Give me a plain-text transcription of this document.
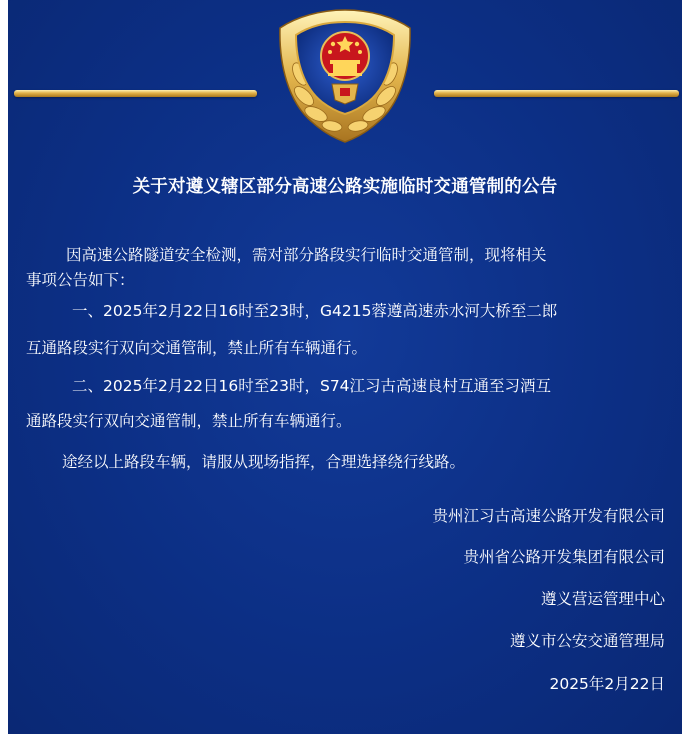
关于对遵义辖区部分高速公路实施临时交通管制的公告
因高速公路隧道安全检测，需对部分路段实行临时交通管制，现将相关
事项公告如下：
一、2025年2月22日16时至23时，G4215蓉遵高速赤水河大桥至二郎
互通路段实行双向交通管制，禁止所有车辆通行。
二、2025年2月22日16时至23时，S74江习古高速良村互通至习酒互
通路段实行双向交通管制，禁止所有车辆通行。
途经以上路段车辆，请服从现场指挥，合理选择绕行线路。
贵州江习古高速公路开发有限公司
贵州省公路开发集团有限公司
遵义营运管理中心
遵义市公安交通管理局
2025年2月22日
